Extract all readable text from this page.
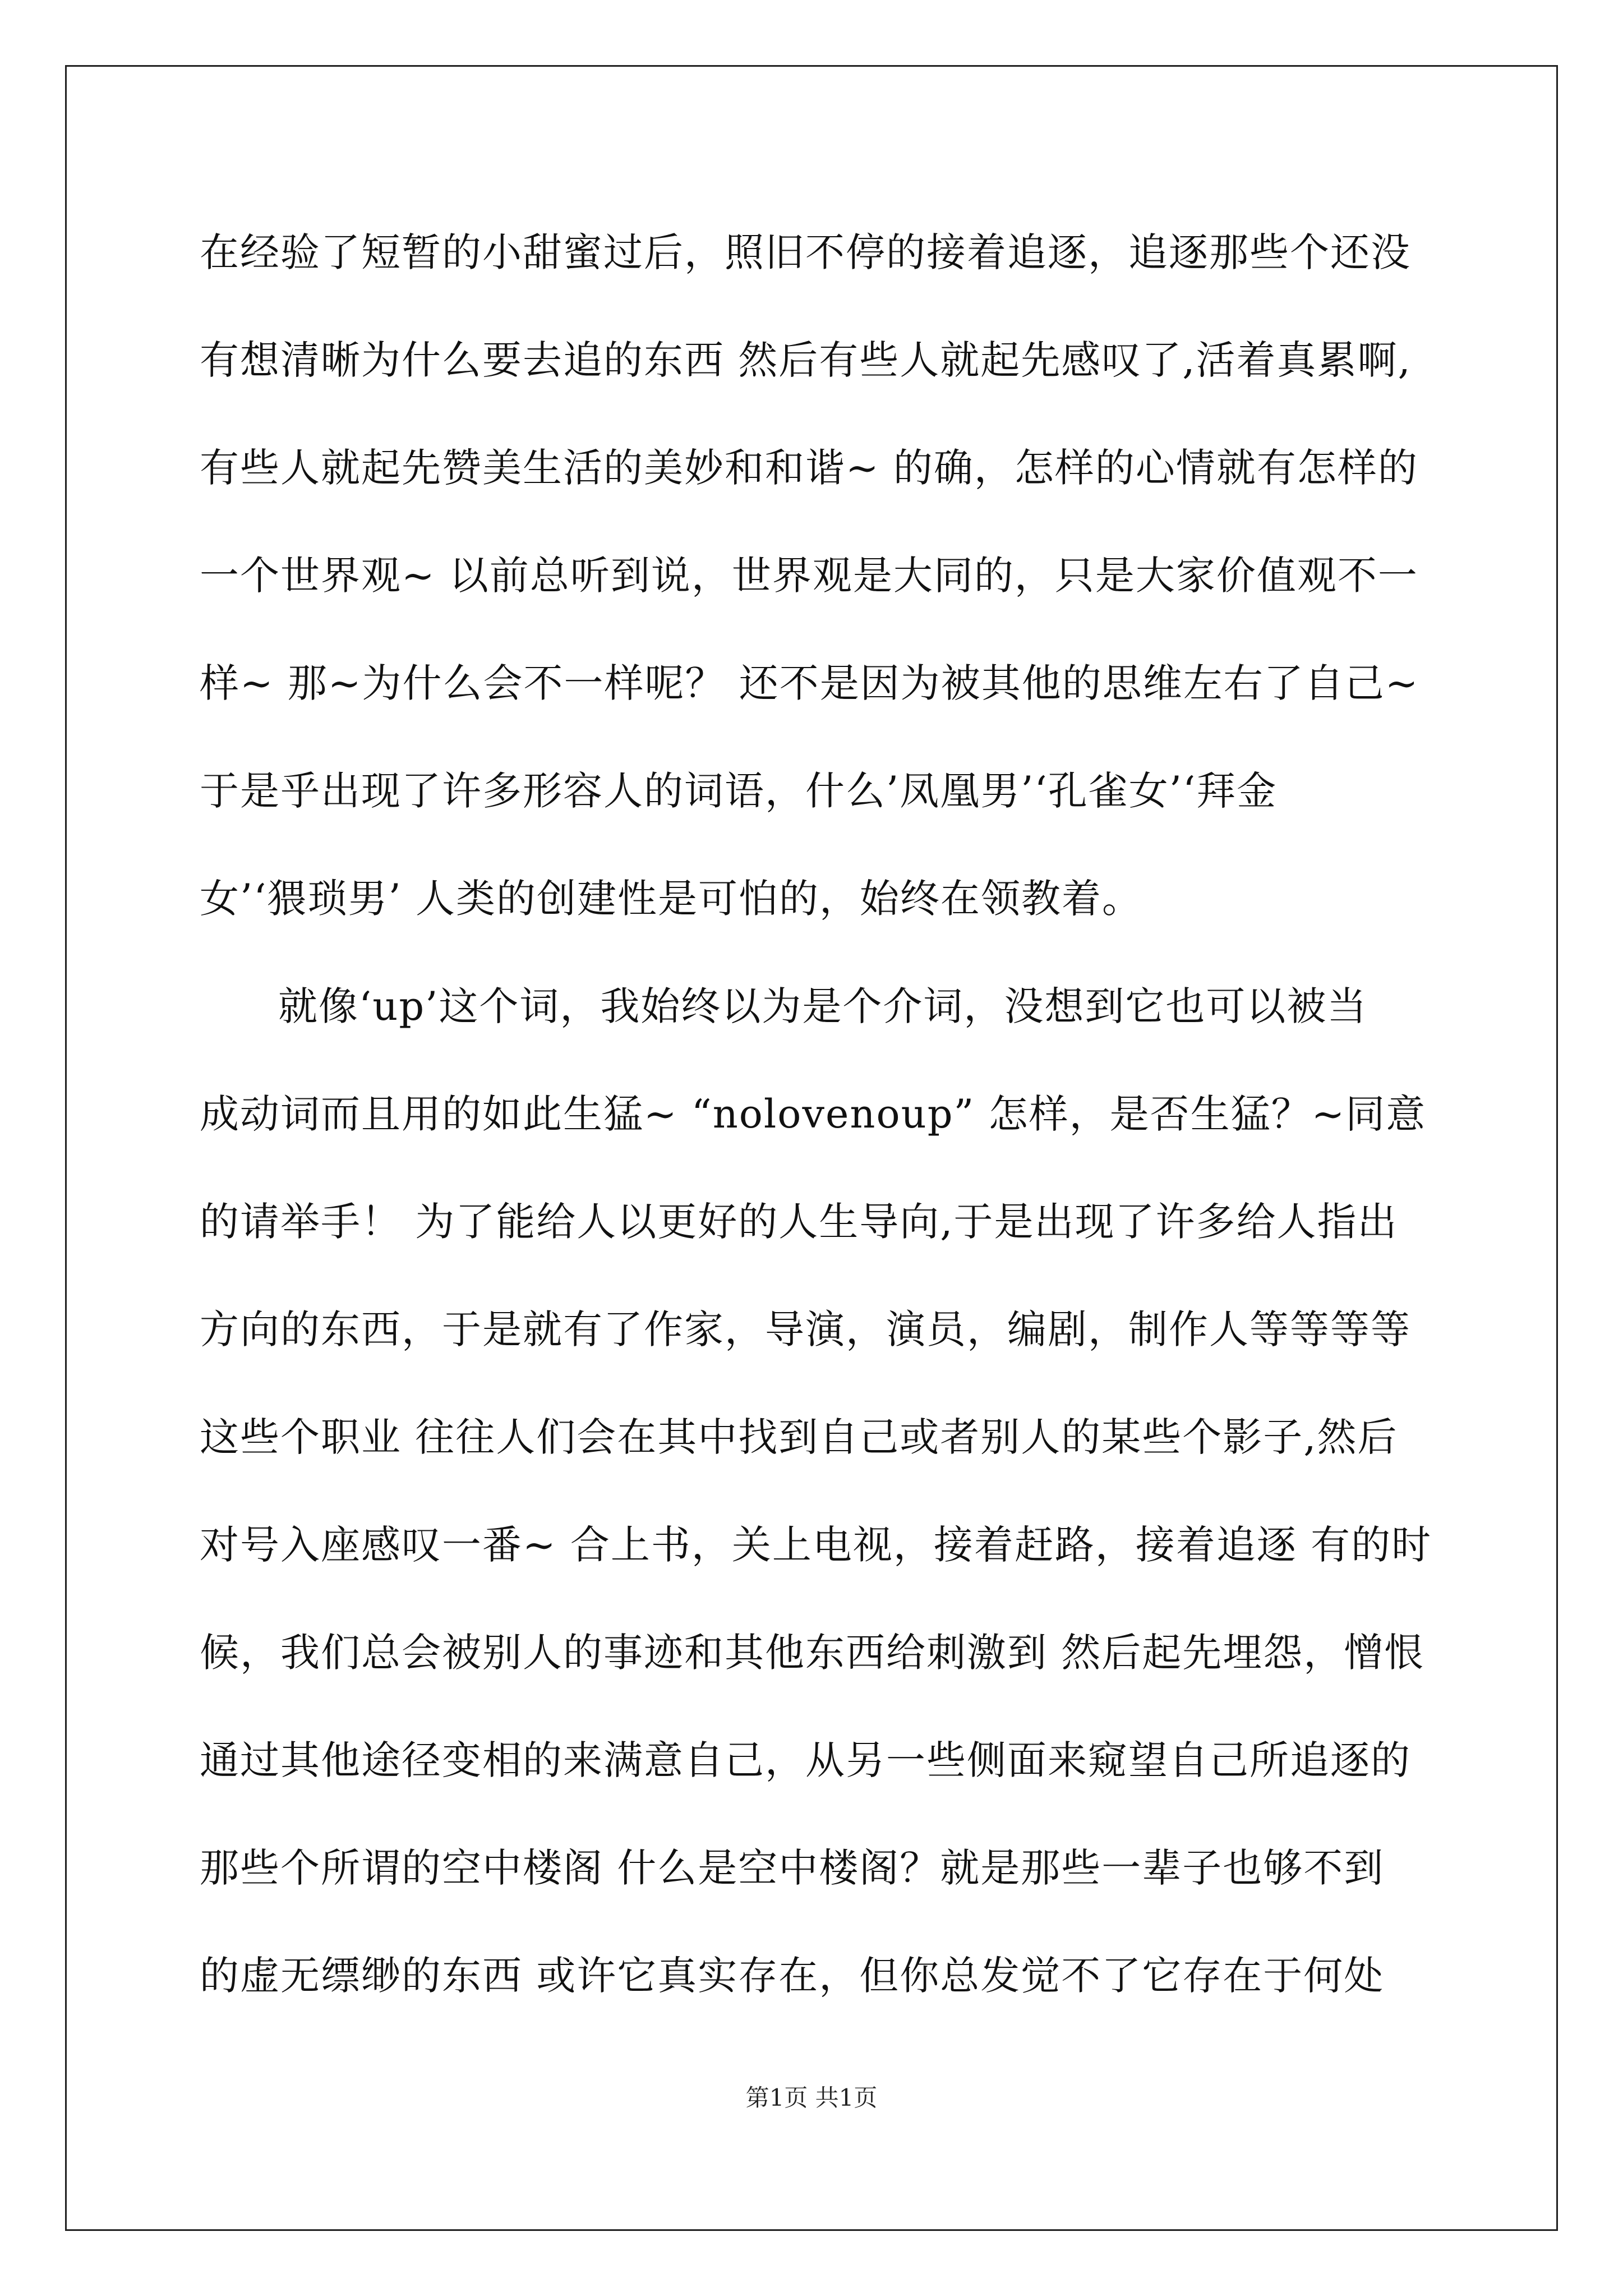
在经验了短暂的小甜蜜过后，照旧不停的接着追逐，追逐那些个还没
有想清晰为什么要去追的东西 然后有些人就起先感叹了,活着真累啊,
有些人就起先赞美生活的美妙和和谐~ 的确，怎样的心情就有怎样的
一个世界观~ 以前总听到说，世界观是大同的，只是大家价值观不一
样~ 那~为什么会不一样呢？ 还不是因为被其他的思维左右了自己~
于是乎出现了许多形容人的词语，什么’凤凰男’‘孔雀女’‘拜金
女’‘猥琐男’ 人类的创建性是可怕的，始终在领教着。
就像‘up’这个词，我始终以为是个介词，没想到它也可以被当
成动词而且用的如此生猛~ “nolovenoup” 怎样，是否生猛？~同意
的请举手！ 为了能给人以更好的人生导向,于是出现了许多给人指出
方向的东西，于是就有了作家，导演，演员，编剧，制作人等等等等
这些个职业 往往人们会在其中找到自己或者别人的某些个影子,然后
对号入座感叹一番~ 合上书，关上电视，接着赶路，接着追逐 有的时
候，我们总会被别人的事迹和其他东西给刺激到 然后起先埋怨，憎恨
通过其他途径变相的来满意自己，从另一些侧面来窥望自己所追逐的
那些个所谓的空中楼阁 什么是空中楼阁？就是那些一辈子也够不到
的虚无缥缈的东西 或许它真实存在，但你总发觉不了它存在于何处
第1页 共1页
